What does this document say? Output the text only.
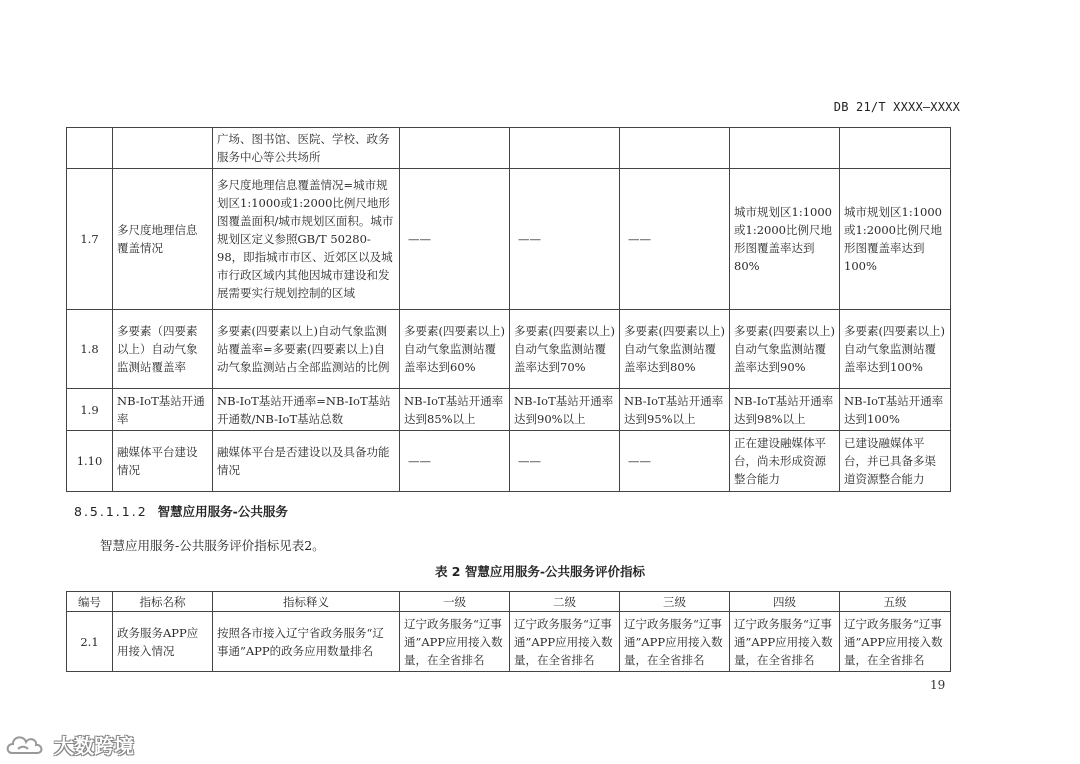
DB 21/T XXXX—XXXX
		广场、图书馆、医院、学校、政务服务中心等公共场所					
1.7	多尺度地理信息覆盖情况	多尺度地理信息覆盖情况=城市规划区1:1000或1:2000比例尺地形图覆盖面积/城市规划区面积。城市规划区定义参照GB/T 50280-98，即指城市市区、近郊区以及城市行政区域内其他因城市建设和发展需要实行规划控制的区域	——	——	——	城市规划区1:1000或1:2000比例尺地形图覆盖率达到80%	城市规划区1:1000或1:2000比例尺地形图覆盖率达到100%
1.8	多要素（四要素以上）自动气象监测站覆盖率	多要素(四要素以上)自动气象监测站覆盖率=多要素(四要素以上)自动气象监测站占全部监测站的比例	多要素(四要素以上)自动气象监测站覆盖率达到60%	多要素(四要素以上)自动气象监测站覆盖率达到70%	多要素(四要素以上)自动气象监测站覆盖率达到80%	多要素(四要素以上)自动气象监测站覆盖率达到90%	多要素(四要素以上)自动气象监测站覆盖率达到100%
1.9	NB-IoT基站开通率	NB-IoT基站开通率=NB-IoT基站开通数/NB-IoT基站总数	NB-IoT基站开通率达到85%以上	NB-IoT基站开通率达到90%以上	NB-IoT基站开通率达到95%以上	NB-IoT基站开通率达到98%以上	NB-IoT基站开通率达到100%
1.10	融媒体平台建设情况	融媒体平台是否建设以及具备功能情况	——	——	——	正在建设融媒体平台，尚未形成资源整合能力	已建设融媒体平台，并已具备多渠道资源整合能力
8.5.1.1.2 智慧应用服务-公共服务
智慧应用服务-公共服务评价指标见表2。
表 2 智慧应用服务-公共服务评价指标
编号	指标名称	指标释义	一级	二级	三级	四级	五级
2.1	政务服务APP应用接入情况	按照各市接入辽宁省政务服务“辽事通”APP的政务应用数量排名	辽宁政务服务“辽事通”APP应用接入数量，在全省排名	辽宁政务服务“辽事通”APP应用接入数量，在全省排名	辽宁政务服务“辽事通”APP应用接入数量，在全省排名	辽宁政务服务“辽事通”APP应用接入数量，在全省排名	辽宁政务服务“辽事通”APP应用接入数量，在全省排名
19
大数跨境
